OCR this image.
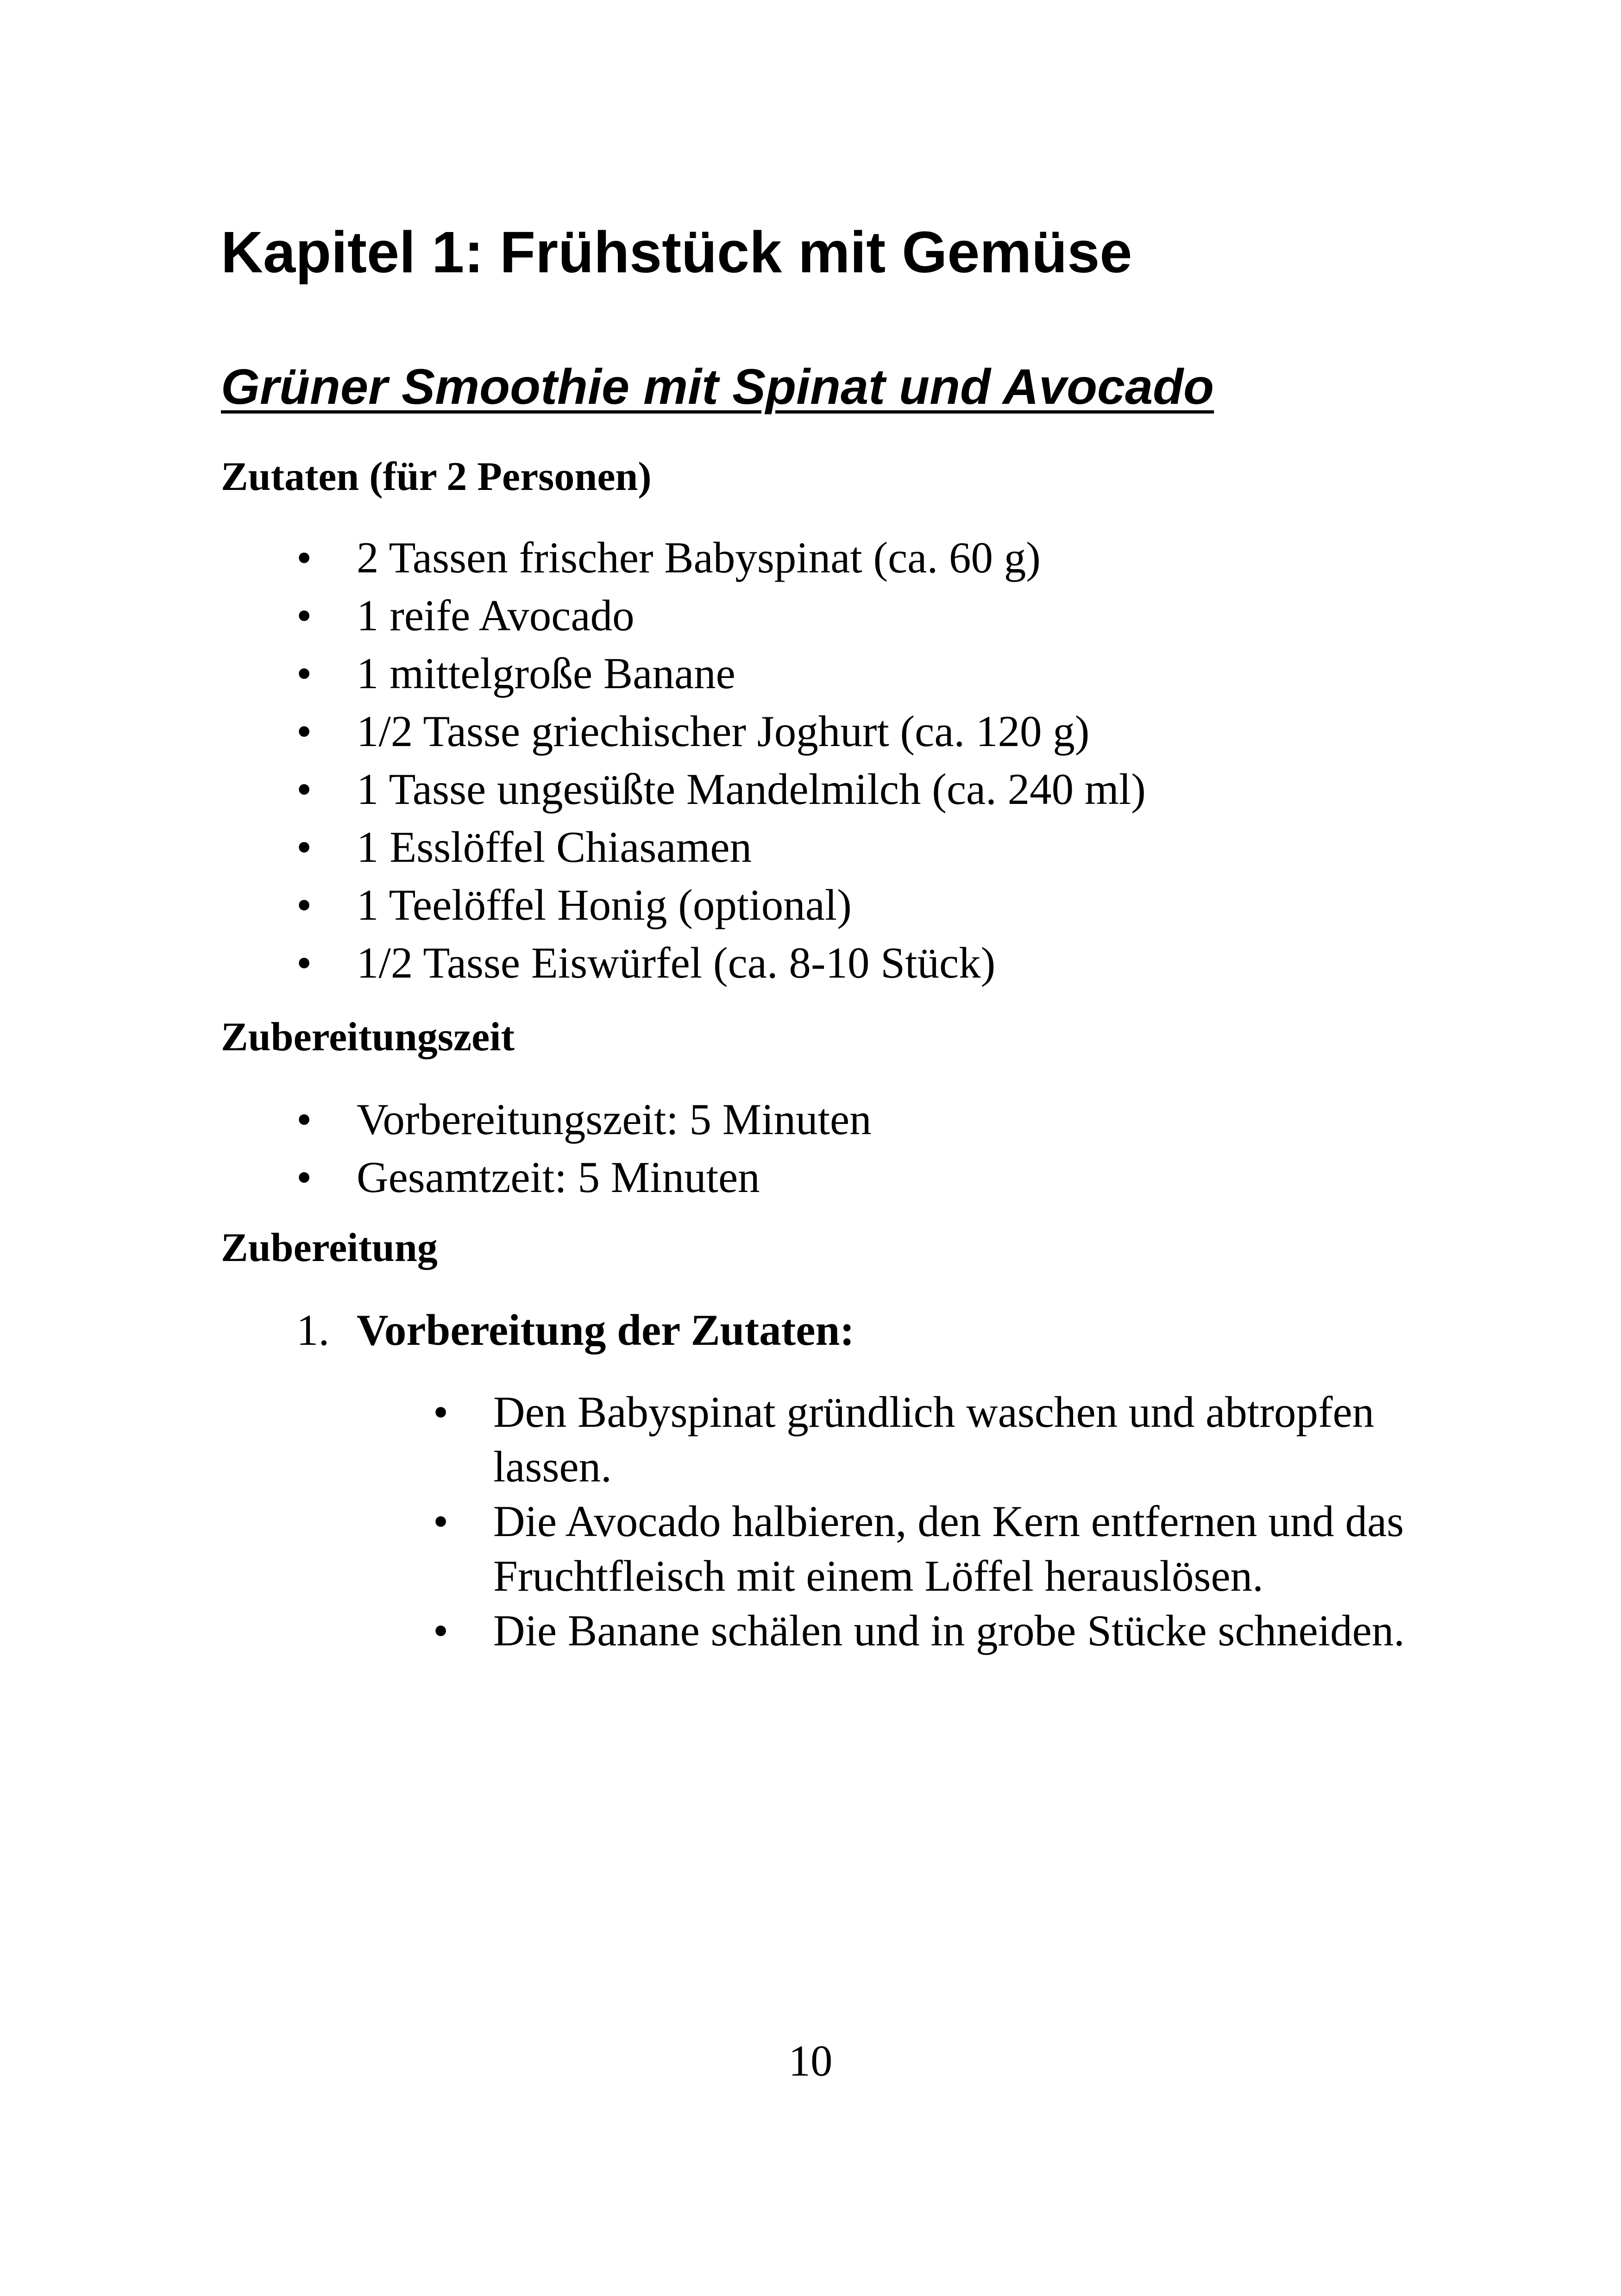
Kapitel 1: Frühstück mit Gemüse
Grüner Smoothie mit Spinat und Avocado
Zutaten (für 2 Personen)
• 2 Tassen frischer Babyspinat (ca. 60 g)
• 1 reife Avocado
• 1 mittelgroße Banane
• 1/2 Tasse griechischer Joghurt (ca. 120 g)
• 1 Tasse ungesüßte Mandelmilch (ca. 240 ml)
• 1 Esslöffel Chiasamen
• 1 Teelöffel Honig (optional)
• 1/2 Tasse Eiswürfel (ca. 8-10 Stück)
Zubereitungszeit
• Vorbereitungszeit: 5 Minuten
• Gesamtzeit: 5 Minuten
Zubereitung
1. Vorbereitung der Zutaten:
• Den Babyspinat gründlich waschen und abtropfen lassen.
• Die Avocado halbieren, den Kern entfernen und das Fruchtfleisch mit einem Löffel herauslösen.
• Die Banane schälen und in grobe Stücke schneiden.
10
